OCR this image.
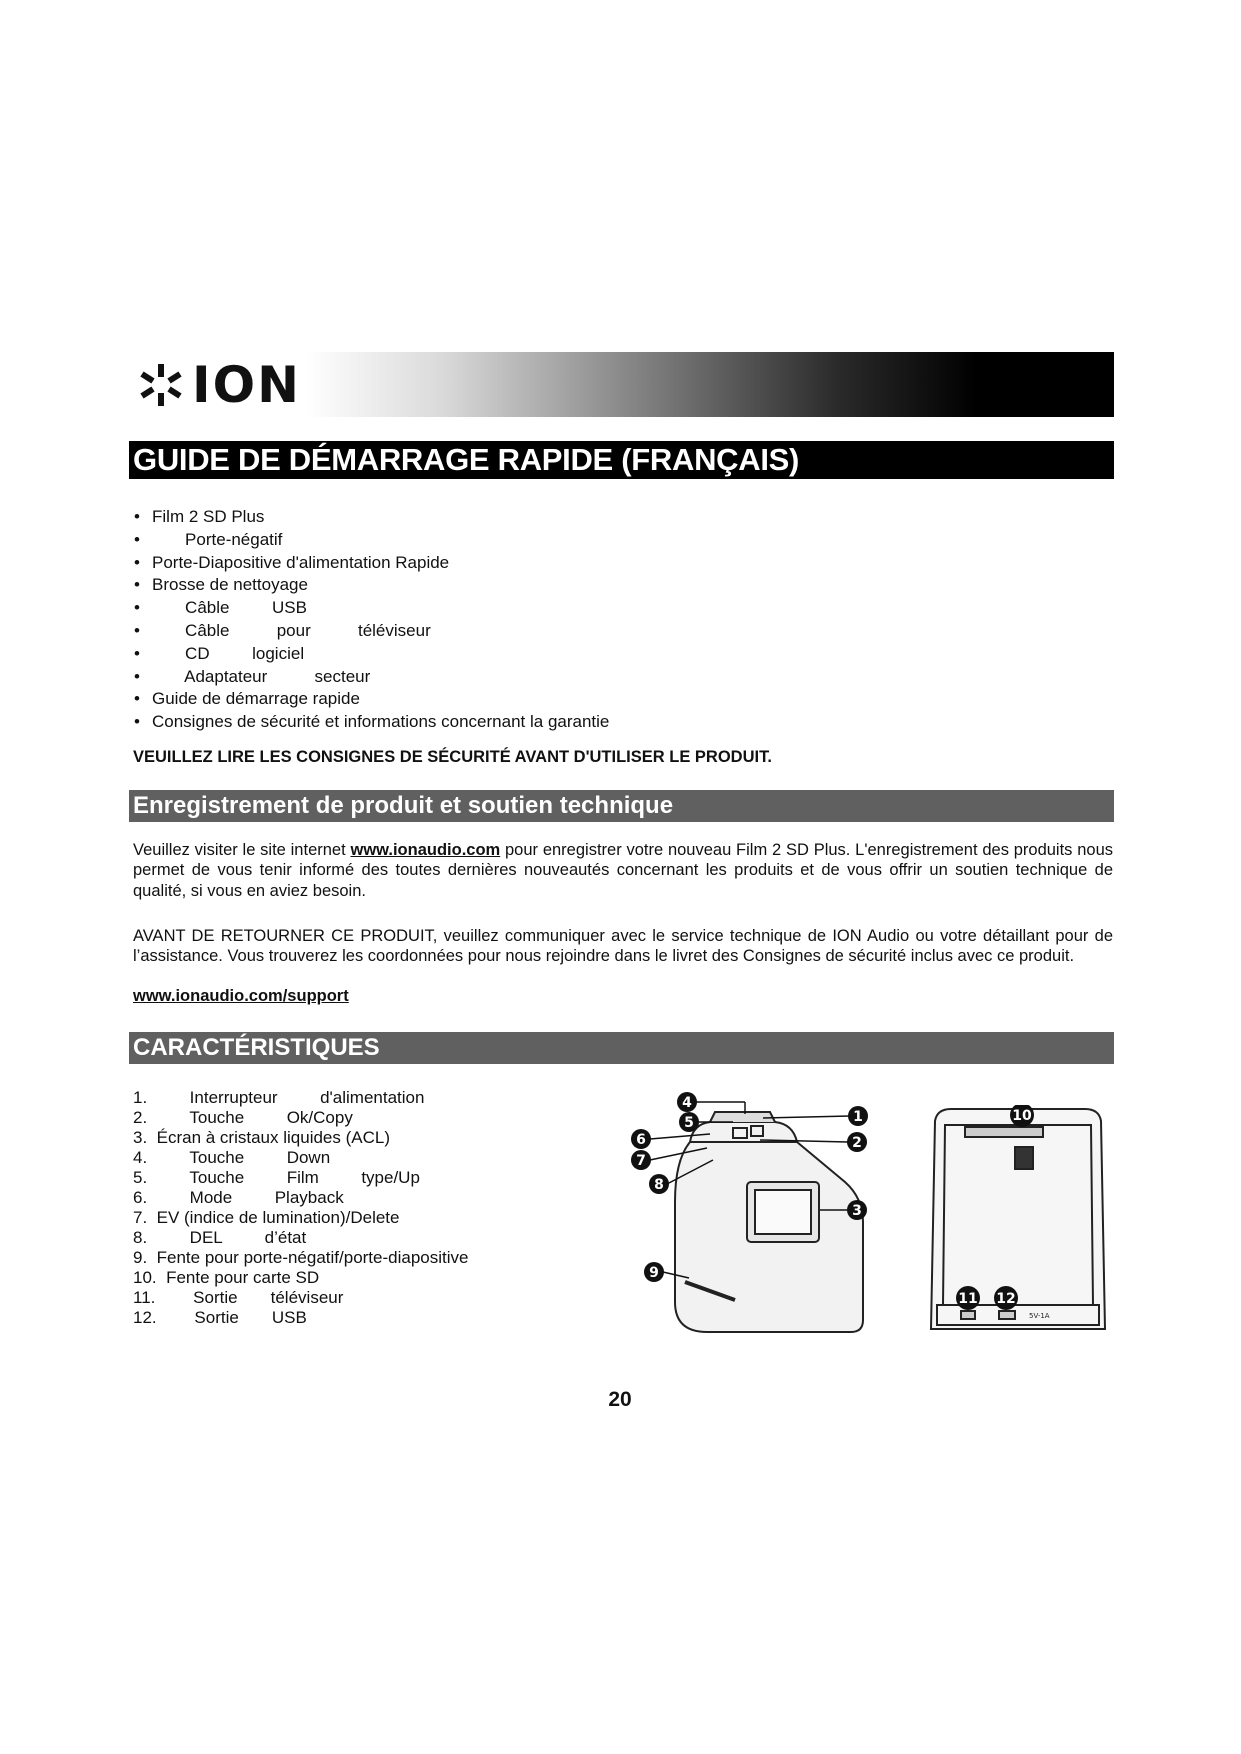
ION
GUIDE DE DÉMARRAGE RAPIDE (FRANÇAIS)
• Film 2 SD Plus
•        Porte-négatif
• Porte-Diapositive d'alimentation Rapide
• Brosse de nettoyage
•        Câble         USB
•        Câble          pour          téléviseur
•        CD         logiciel
•        Adaptateur          secteur
• Guide de démarrage rapide
• Consignes de sécurité et informations concernant la garantie
VEUILLEZ LIRE LES CONSIGNES DE SÉCURITÉ AVANT D'UTILISER LE PRODUIT.
Enregistrement de produit et soutien technique
Veuillez visiter le site internet www.ionaudio.com pour enregistrer votre nouveau Film 2 SD Plus. L'enregistrement des produits nous permet de vous tenir informé des toutes dernières nouveautés concernant les produits et de vous offrir un soutien technique de qualité, si vous en aviez besoin.
AVANT DE RETOURNER CE PRODUIT, veuillez communiquer avec le service technique de ION Audio ou votre détaillant pour de l’assistance. Vous trouverez les coordonnées pour nous rejoindre dans le livret des Consignes de sécurité inclus avec ce produit.
www.ionaudio.com/support
CARACTÉRISTIQUES
1.         Interrupteur         d'alimentation
2.         Touche         Ok/Copy
3.  Écran à cristaux liquides (ACL)
4.         Touche         Down
5.         Touche         Film         type/Up
6.         Mode         Playback
7.  EV (indice de lumination)/Delete
8.         DEL         d’état
9.  Fente pour porte-négatif/porte-diapositive
10.  Fente pour carte SD
11.        Sortie       téléviseur
12.        Sortie       USB
4
5	1
6
7
2
8
3
9
5V-1A
10
11 12
20
